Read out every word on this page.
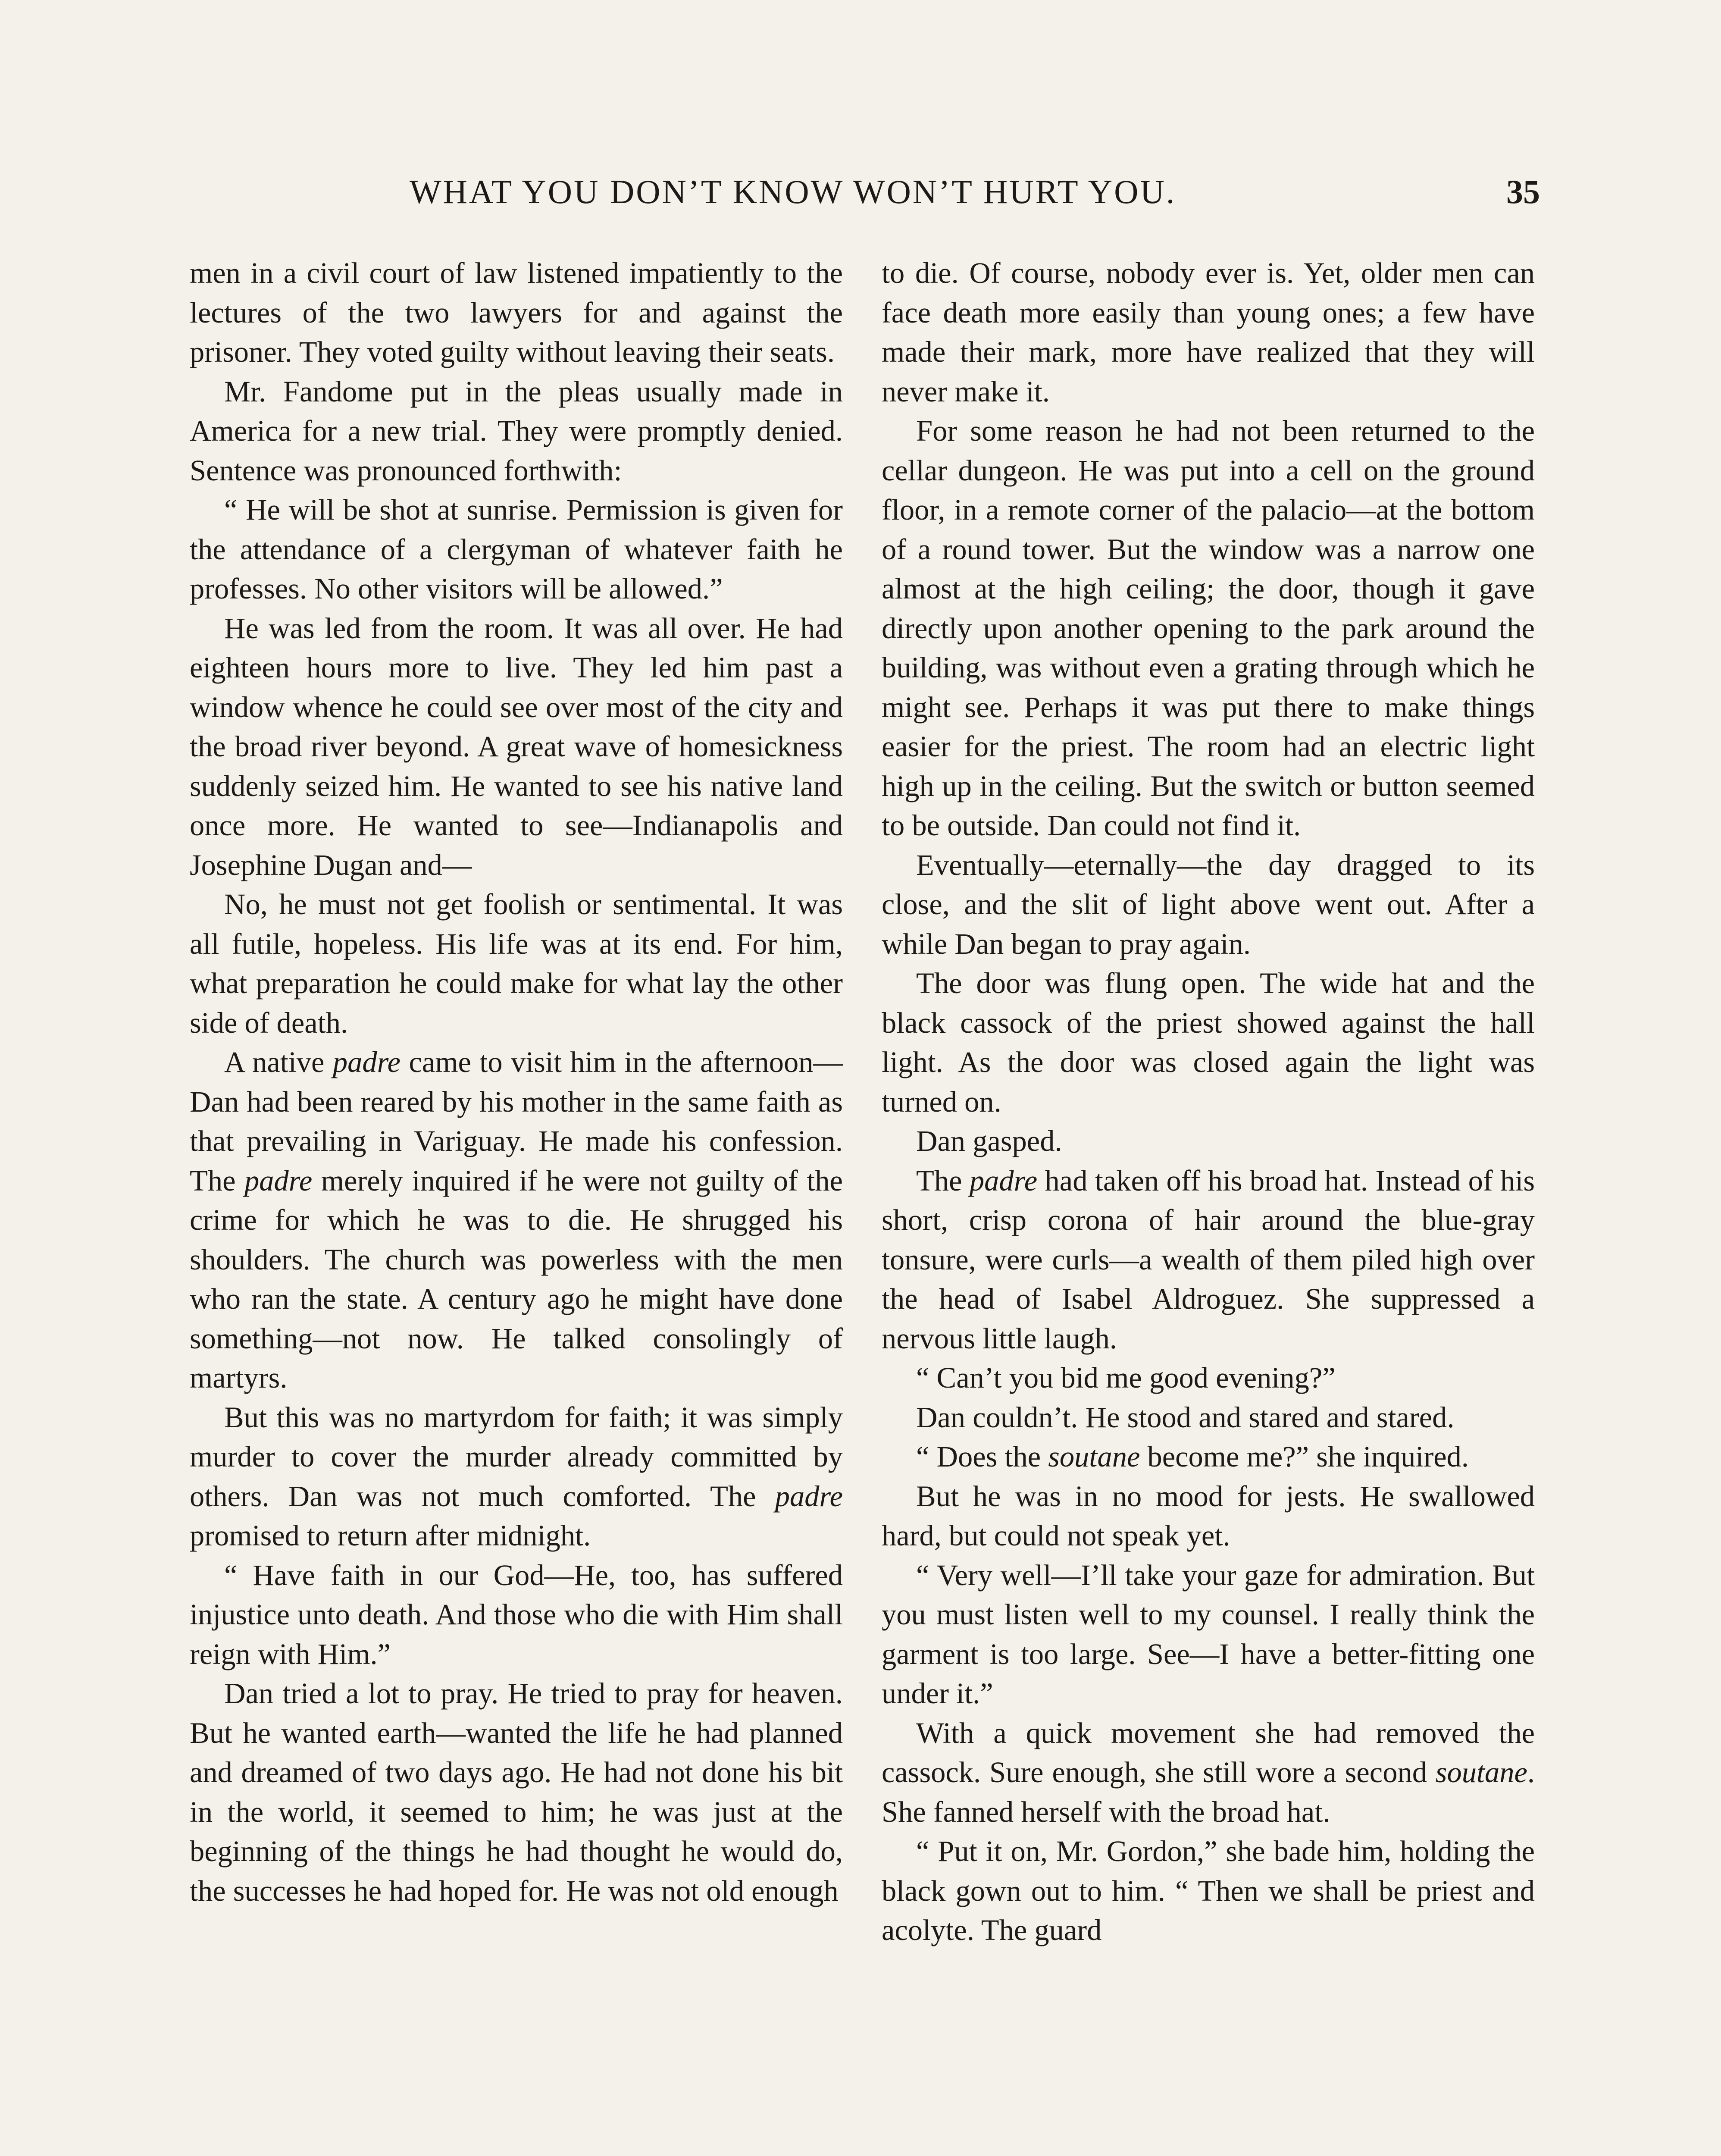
WHAT YOU DON’T KNOW WON’T HURT YOU.	35

men in a civil court of law listened impatiently to the lectures of the two lawyers for and against the prisoner. They voted guilty without leaving their seats.

Mr. Fandome put in the pleas usually made in America for a new trial. They were promptly denied. Sentence was pronounced forthwith:

“ He will be shot at sunrise. Permission is given for the attendance of a clergyman of whatever faith he professes. No other visitors will be allowed.”

He was led from the room. It was all over. He had eighteen hours more to live. They led him past a window whence he could see over most of the city and the broad river beyond. A great wave of homesickness suddenly seized him. He wanted to see his native land once more. He wanted to see—Indianapolis and Josephine Dugan and—

No, he must not get foolish or sentimental. It was all futile, hopeless. His life was at its end. For him, what preparation he could make for what lay the other side of death.

A native padre came to visit him in the afternoon—Dan had been reared by his mother in the same faith as that prevailing in Variguay. He made his confession. The padre merely inquired if he were not guilty of the crime for which he was to die. He shrugged his shoulders. The church was powerless with the men who ran the state. A century ago he might have done something—not now. He talked consolingly of martyrs.

But this was no martyrdom for faith; it was simply murder to cover the murder already committed by others. Dan was not much comforted. The padre promised to return after midnight.

“ Have faith in our God—He, too, has suffered injustice unto death. And those who die with Him shall reign with Him.”

Dan tried a lot to pray. He tried to pray for heaven. But he wanted earth—wanted the life he had planned and dreamed of two days ago. He had not done his bit in the world, it seemed to him; he was just at the beginning of the things he had thought he would do, the successes he had hoped for. He was not old enough

to die. Of course, nobody ever is. Yet, older men can face death more easily than young ones; a few have made their mark, more have realized that they will never make it.

For some reason he had not been returned to the cellar dungeon. He was put into a cell on the ground floor, in a remote corner of the palacio—at the bottom of a round tower. But the window was a narrow one almost at the high ceiling; the door, though it gave directly upon another opening to the park around the building, was without even a grating through which he might see. Perhaps it was put there to make things easier for the priest. The room had an electric light high up in the ceiling. But the switch or button seemed to be outside. Dan could not find it.

Eventually—eternally—the day dragged to its close, and the slit of light above went out. After a while Dan began to pray again.

The door was flung open. The wide hat and the black cassock of the priest showed against the hall light. As the door was closed again the light was turned on.

Dan gasped.

The padre had taken off his broad hat. Instead of his short, crisp corona of hair around the blue-gray tonsure, were curls—a wealth of them piled high over the head of Isabel Aldroguez. She suppressed a nervous little laugh.

“ Can’t you bid me good evening?”

Dan couldn’t. He stood and stared and stared.

“ Does the soutane become me?” she inquired.

But he was in no mood for jests. He swallowed hard, but could not speak yet.

“ Very well—I’ll take your gaze for admiration. But you must listen well to my counsel. I really think the garment is too large. See—I have a better-fitting one under it.”

With a quick movement she had removed the cassock. Sure enough, she still wore a second soutane. She fanned herself with the broad hat.

“ Put it on, Mr. Gordon,” she bade him, holding the black gown out to him. “ Then we shall be priest and acolyte. The guard
